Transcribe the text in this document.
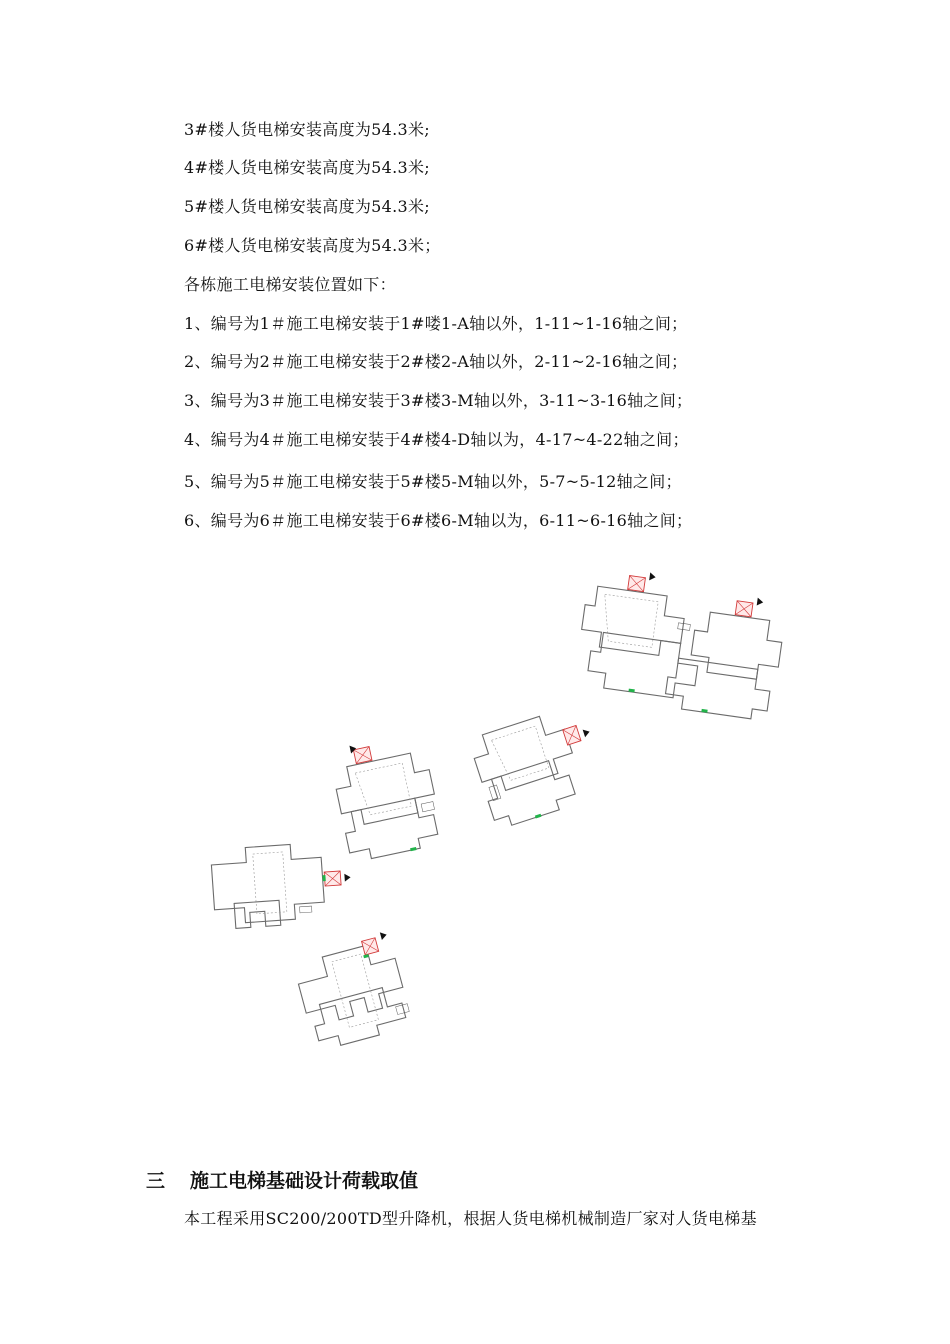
3#楼人货电梯安装高度为54.3米;
4#楼人货电梯安装高度为54.3米;
5#楼人货电梯安装高度为54.3米;
6#楼人货电梯安装高度为54.3米；
各栋施工电梯安装位置如下：
1、编号为1＃施工电梯安装于1#喽1-A轴以外，1-11~1-16轴之间；
2、编号为2＃施工电梯安装于2#楼2-A轴以外，2-11~2-16轴之间；
3、编号为3＃施工电梯安装于3#楼3-M轴以外，3-11~3-16轴之间；
4、编号为4＃施工电梯安装于4#楼4-D轴以为，4-17~4-22轴之间；
5、编号为5＃施工电梯安装于5#楼5-M轴以外，5-7~5-12轴之间；
6、编号为6＃施工电梯安装于6#楼6-M轴以为，6-11~6-16轴之间；
三 施工电梯基础设计荷载取值
本工程采用SC200/200TD型升降机，根据人货电梯机械制造厂家对人货电梯基
